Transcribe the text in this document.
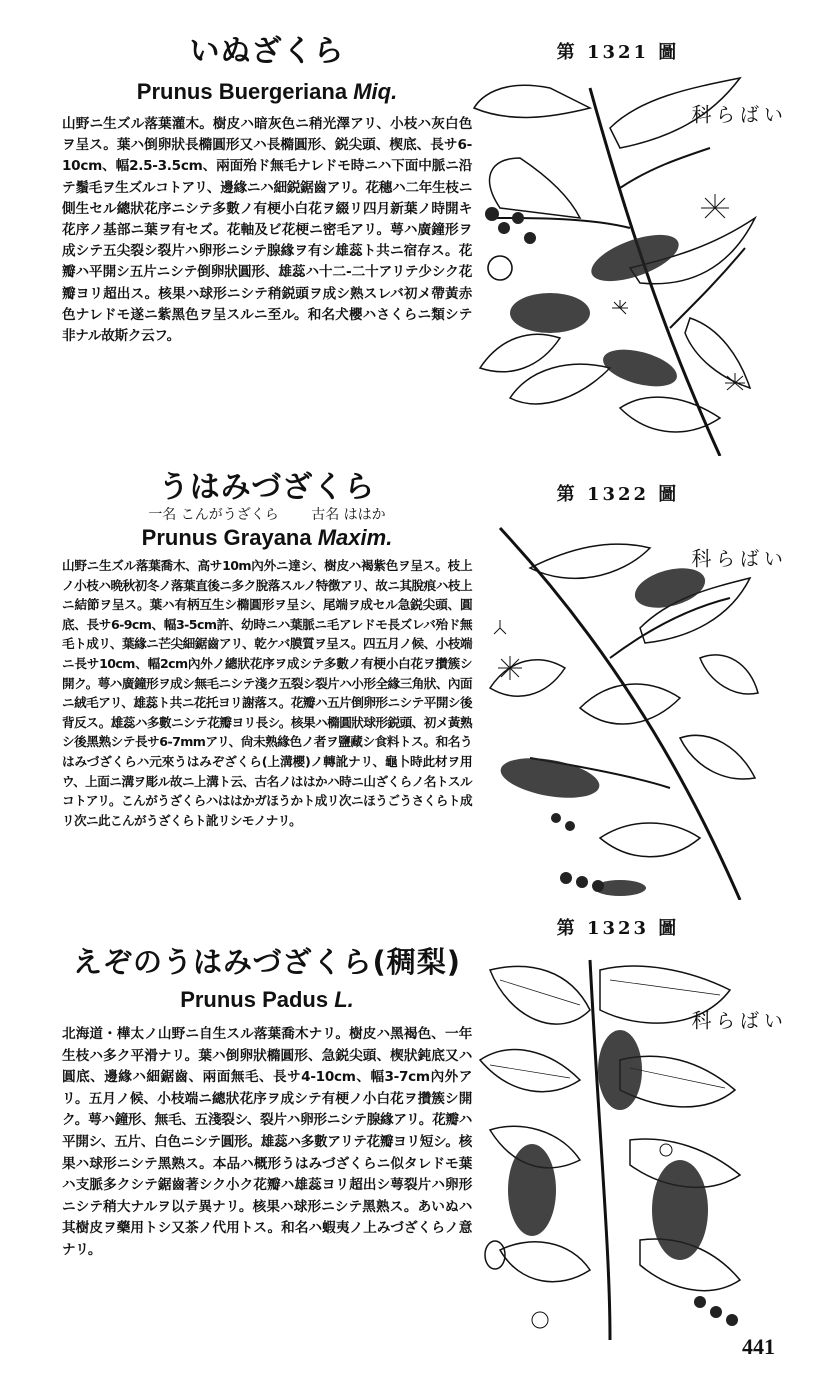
いぬざくら
Prunus Buergeriana Miq.

山野ニ生ズル落葉灌木。樹皮ハ暗灰色ニ稍光澤アリ、小枝ハ灰白色ヲ呈ス。葉ハ倒卵狀長橢圓形又ハ長橢圓形、鋭尖頭、楔底、長サ6-10cm、幅2.5-3.5cm、兩面殆ド無毛ナレドモ時ニハ下面中脈ニ沿テ鬚毛ヲ生ズルコトアリ、邊緣ニハ細鋭鋸齒アリ。花穗ハ二年生枝ニ側生セル總狀花序ニシテ多數ノ有梗小白花ヲ綴リ四月新葉ノ時開キ花序ノ基部ニ葉ヲ有セズ。花軸及ビ花梗ニ密毛アリ。萼ハ廣鐘形ヲ成シテ五尖裂シ裂片ハ卵形ニシテ腺緣ヲ有シ雄蕊ト共ニ宿存ス。花瓣ハ平開シ五片ニシテ倒卵狀圓形、雄蕊ハ十二-二十アリテ少シク花瓣ヨリ超出ス。核果ハ球形ニシテ稍鋭頭ヲ成シ熟スレバ初メ帶黃赤色ナレドモ遂ニ紫黑色ヲ呈スルニ至ル。和名犬櫻ハさくらニ類シテ非ナル故斯ク云フ。

第 1321 圖
いばら科
うはみづざくら

一名 こんがうざくら 古名 ははか

Prunus Grayana Maxim.

山野ニ生ズル落葉喬木、高サ10m內外ニ達シ、樹皮ハ褐紫色ヲ呈ス。枝上ノ小枝ハ晩秋初冬ノ落葉直後ニ多ク脫落スルノ特徴アリ、故ニ其脫痕ハ枝上ニ結節ヲ呈ス。葉ハ有柄互生シ橢圓形ヲ呈シ、尾端ヲ成セル急鋭尖頭、圓底、長サ6-9cm、幅3-5cm許、幼時ニハ葉脈ニ毛アレドモ長ズレバ殆ド無毛ト成リ、葉緣ニ芒尖細鋸齒アリ、乾ケバ膜質ヲ呈ス。四五月ノ候、小枝端ニ長サ10cm、幅2cm內外ノ總狀花序ヲ成シテ多數ノ有梗小白花ヲ攢簇シ開ク。萼ハ廣鐘形ヲ成シ無毛ニシテ淺ク五裂シ裂片ハ小形全緣三角狀、內面ニ絨毛アリ、雄蕊ト共ニ花托ヨリ謝落ス。花瓣ハ五片倒卵形ニシテ平開シ後背反ス。雄蕊ハ多數ニシテ花瓣ヨリ長シ。核果ハ橢圓狀球形鋭頭、初メ黃熟シ後黑熟シテ長サ6-7mmアリ、尙未熟緣色ノ者ヲ鹽藏シ食料トス。和名うはみづざくらハ元來うはみぞざくら(上溝櫻)ノ轉訛ナリ、龜卜時此材ヲ用ウ、上面ニ溝ヲ彫ル故ニ上溝ト云、古名ノははかハ時ニ山ざくらノ名トスルコトアリ。こんがうざくらハははかガほうかト成リ次ニほうごうさくらト成リ次ニ此こんがうざくらト訛リシモノナリ。

第 1322 圖
いばら科
えぞのうはみづざくら(稠梨)
Prunus Padus L.

北海道・樺太ノ山野ニ自生スル落葉喬木ナリ。樹皮ハ黑褐色、一年生枝ハ多ク平滑ナリ。葉ハ倒卵狀橢圓形、急鋭尖頭、楔狀鈍底又ハ圓底、邊緣ハ細鋸齒、兩面無毛、長サ4-10cm、幅3-7cm內外アリ。五月ノ候、小枝端ニ總狀花序ヲ成シテ有梗ノ小白花ヲ攢簇シ開ク。萼ハ鐘形、無毛、五淺裂シ、裂片ハ卵形ニシテ腺緣アリ。花瓣ハ平開シ、五片、白色ニシテ圓形。雄蕊ハ多數アリテ花瓣ヨリ短シ。核果ハ球形ニシテ黑熟ス。本品ハ概形うはみづざくらニ似タレドモ葉ハ支脈多クシテ鋸齒著シク小ク花瓣ハ雄蕊ヨリ超出シ萼裂片ハ卵形ニシテ稍大ナルヲ以テ異ナリ。核果ハ球形ニシテ黑熟ス。あいぬハ其樹皮ヲ藥用トシ又茶ノ代用トス。和名ハ蝦夷ノ上みづざくらノ意ナリ。

第 1323 圖
いばら科
441
